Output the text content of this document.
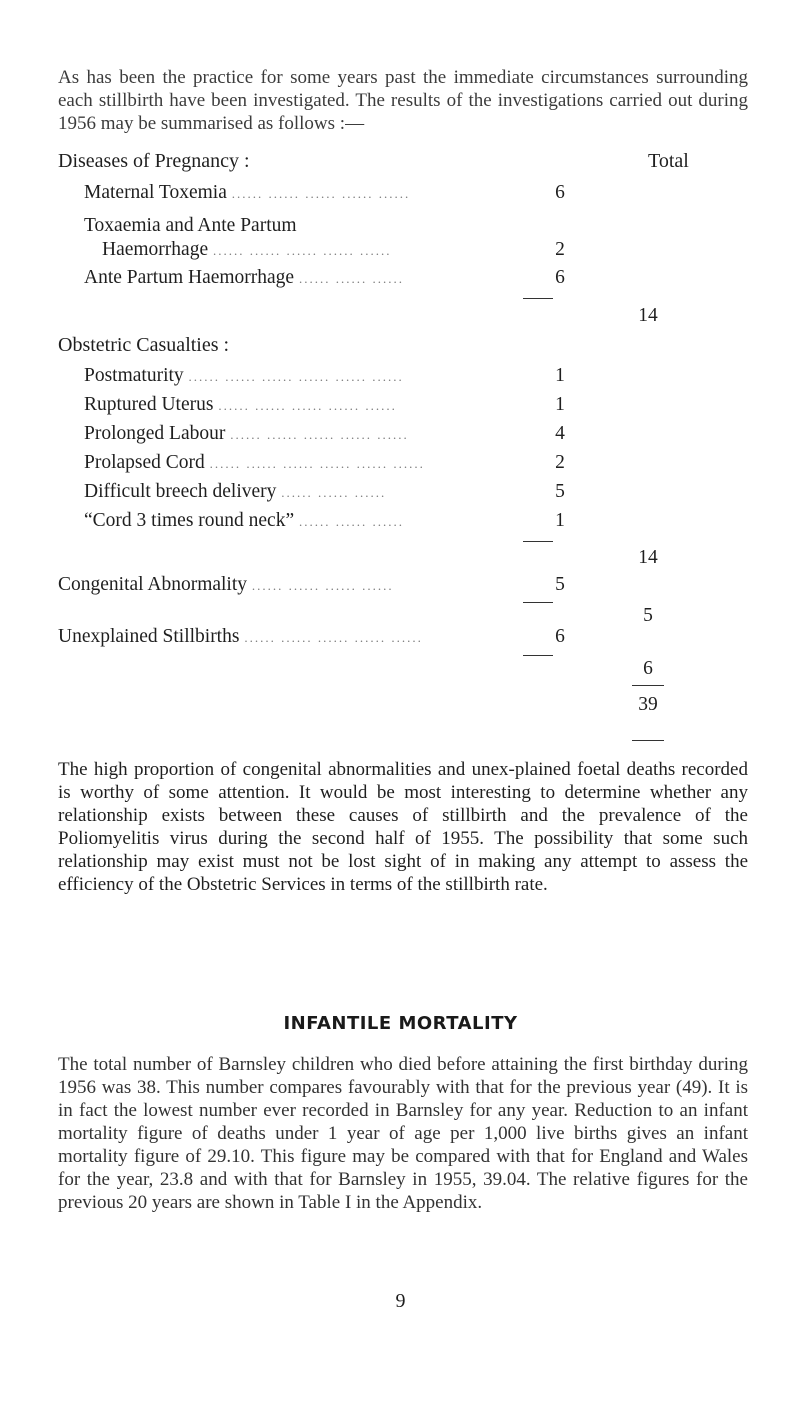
As has been the practice for some years past the immediate circumstances surrounding each stillbirth have been investigated. The results of the investigations carried out during 1956 may be summarised as follows :—

Total
Diseases of Pregnancy :
Maternal Toxemia ...... ...... ...... ...... ......	6
Toxaemia and Ante Partum
Haemorrhage ...... ...... ...... ...... ......	2
Ante Partum Haemorrhage ...... ...... ......	6
14
Obstetric Casualties :
Postmaturity ...... ...... ...... ...... ...... ......	1
Ruptured Uterus ...... ...... ...... ...... ......	1
Prolonged Labour ...... ...... ...... ...... ......	4
Prolapsed Cord ...... ...... ...... ...... ...... ......	2
Difficult breech delivery ...... ...... ......	5
“Cord 3 times round neck” ...... ...... ......	1
14
Congenital Abnormality ...... ...... ...... ......	5
5
Unexplained Stillbirths ...... ...... ...... ...... ......	6
6
39

The high proportion of congenital abnormalities and unex-plained foetal deaths recorded is worthy of some attention. It would be most interesting to determine whether any relationship exists between these causes of stillbirth and the prevalence of the Poliomyelitis virus during the second half of 1955. The possibility that some such relationship may exist must not be lost sight of in making any attempt to assess the efficiency of the Obstetric Services in terms of the stillbirth rate.

INFANTILE MORTALITY

The total number of Barnsley children who died before attaining the first birthday during 1956 was 38. This number compares favourably with that for the previous year (49). It is in fact the lowest number ever recorded in Barnsley for any year. Reduction to an infant mortality figure of deaths under 1 year of age per 1,000 live births gives an infant mortality figure of 29.10. This figure may be compared with that for England and Wales for the year, 23.8 and with that for Barnsley in 1955, 39.04. The relative figures for the previous 20 years are shown in Table I in the Appendix.

9
